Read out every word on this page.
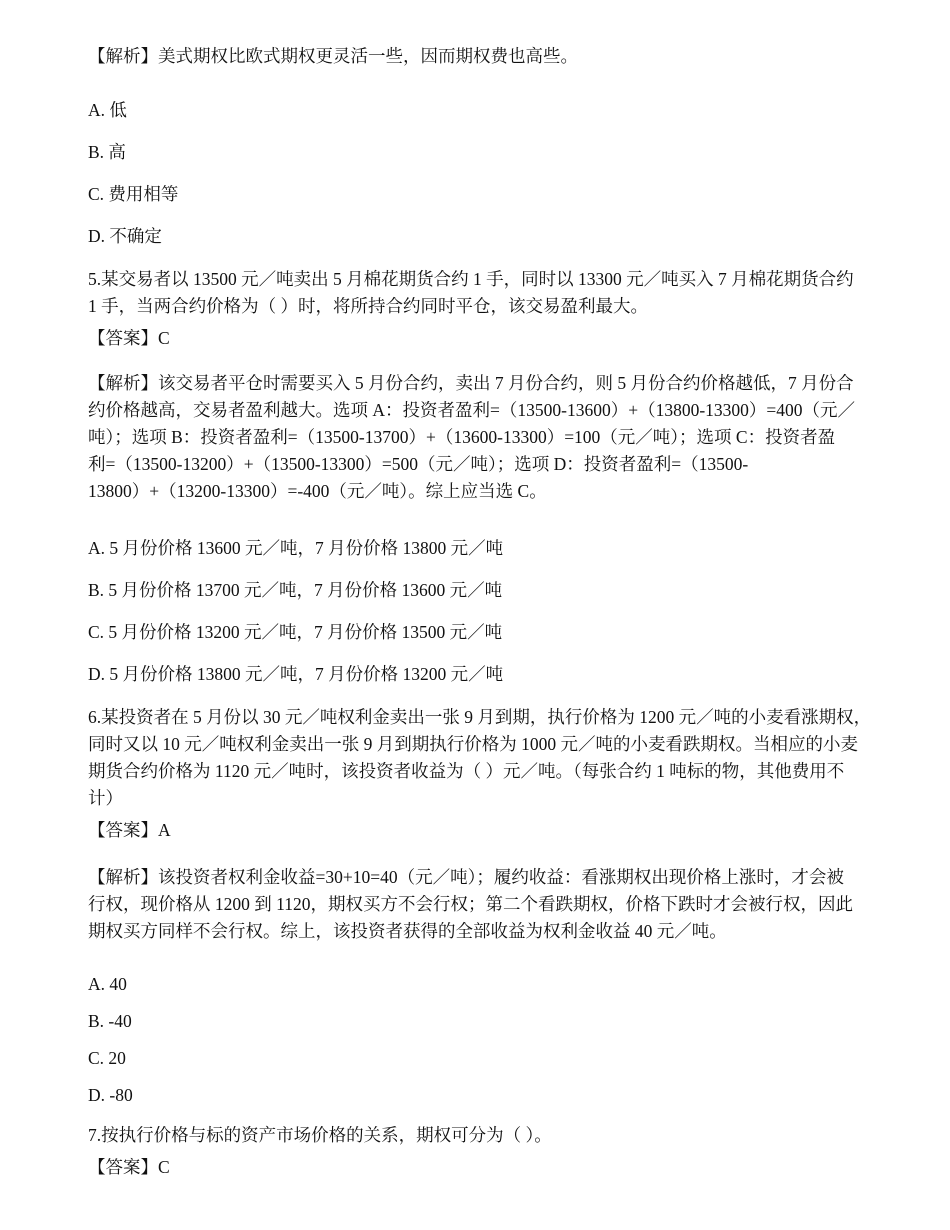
【解析】美式期权比欧式期权更灵活一些，因而期权费也高些。
A. 低
B. 高
C. 费用相等
D. 不确定
5.某交易者以 13500 元／吨卖出 5 月棉花期货合约 1 手，同时以 13300 元／吨买入 7 月棉花期货合约
1 手，当两合约价格为（ ）时，将所持合约同时平仓，该交易盈利最大。
【答案】C
【解析】该交易者平仓时需要买入 5 月份合约，卖出 7 月份合约，则 5 月份合约价格越低，7 月份合
约价格越高，交易者盈利越大。选项 A：投资者盈利=（13500-13600）+（13800-13300）=400（元／
吨）；选项 B：投资者盈利=（13500-13700）+（13600-13300）=100（元／吨）；选项 C：投资者盈
利=（13500-13200）+（13500-13300）=500（元／吨）；选项 D：投资者盈利=（13500-
13800）+（13200-13300）=-400（元／吨）。综上应当选 C。
A. 5 月份价格 13600 元／吨，7 月份价格 13800 元／吨
B. 5 月份价格 13700 元／吨，7 月份价格 13600 元／吨
C. 5 月份价格 13200 元／吨，7 月份价格 13500 元／吨
D. 5 月份价格 13800 元／吨，7 月份价格 13200 元／吨
6.某投资者在 5 月份以 30 元／吨权利金卖出一张 9 月到期，执行价格为 1200 元／吨的小麦看涨期权，
同时又以 10 元／吨权利金卖出一张 9 月到期执行价格为 1000 元／吨的小麦看跌期权。当相应的小麦
期货合约价格为 1120 元／吨时，该投资者收益为（ ）元／吨。（每张合约 1 吨标的物，其他费用不
计）
【答案】A
【解析】该投资者权利金收益=30+10=40（元／吨）；履约收益：看涨期权出现价格上涨时，才会被
行权，现价格从 1200 到 1120，期权买方不会行权；第二个看跌期权，价格下跌时才会被行权，因此
期权买方同样不会行权。综上，该投资者获得的全部收益为权利金收益 40 元／吨。
A. 40
B. -40
C. 20
D. -80
7.按执行价格与标的资产市场价格的关系，期权可分为（ ）。
【答案】C
